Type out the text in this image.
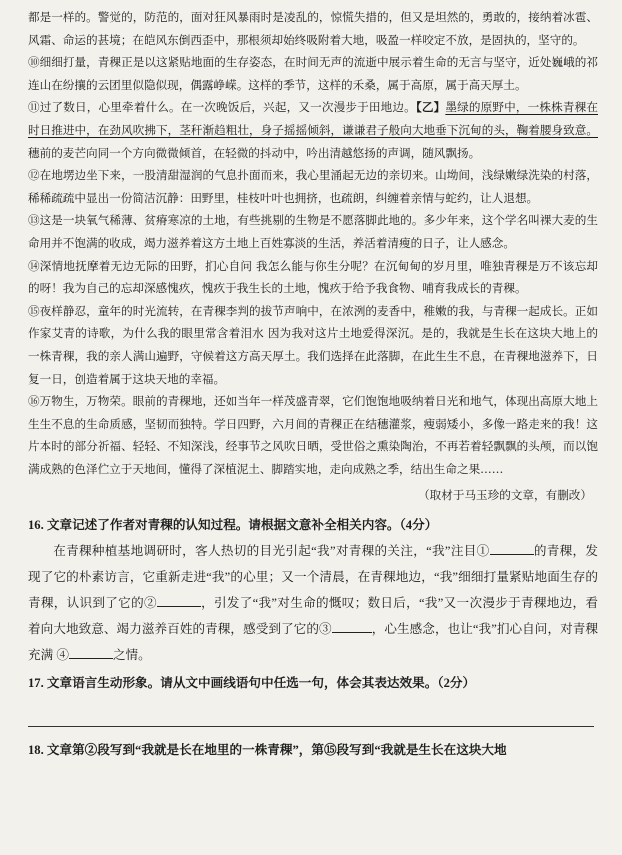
都是一样的。警觉的，防范的，面对狂风暴雨时是凌乱的，惊慌失措的，但又是坦然的，勇敢的，接纳着冰雹、风霜、命运的甚境；在皑风东倒西歪中，那根须却始终吸附着大地，吸盈一样咬定不放，是固执的，坚守的。

⑩细细打量，青稞正是以这紧贴地面的生存姿态，在时间无声的流逝中展示着生命的无言与坚守，近处巍峨的祁连山在纷攘的云团里似隐似现，偶露峥嵘。这样的季节，这样的禾桑，属于高原，属于高天厚土。

⑪过了数日，心里牵着什么。在一次晚饭后，兴起，又一次漫步于田地边。【乙】墨绿的原野中，一株株青稞在时日推进中，在劲风吹拂下，茎秆渐趋粗壮，身子摇摇倾斜，谦谦君子般向大地垂下沉甸的头，鞠着腰身致意。穗前的麦芒向同一个方向微微倾首，在轻微的抖动中，吟出清越悠扬的声调，随风飘扬。

⑫在地塄边坐下来，一股清甜湿润的气息扑面而来，我心里涌起无边的亲切来。山坳间，浅绿嫩绿洗染的村落，稀稀疏疏中显出一份简洁沉静：田野里，桂枝叶叶也拥挤，也疏朗，纠缠着亲情与蛇约，让人退想。

⑬这是一块氧气稀薄、贫瘠寒凉的土地，有些挑剔的生物是不愿落脚此地的。多少年来，这个学名叫裸大麦的生命用并不饱满的收成，竭力滋养着这方土地上百姓寡淡的生活，养活着清瘦的日子，让人感念。

⑭深情地抚摩着无边无际的田野，扪心自问 我怎么能与你生分呢？在沉甸甸的岁月里，唯独青稞是万不该忘却的呀！我为自己的忘却深感愧疚，愧疚于我生长的土地，愧疚于给予我食物、哺育我成长的青稞。

⑮夜样静忍，童年的时光流转，在青稞李判的拔节声响中，在浓洌的麦香中，稚嫩的我，与青稞一起成长。正如作家艾青的诗歌，为什么我的眼里常含着泪水 因为我对这片土地爱得深沉。是的，我就是生长在这块大地上的一株青稞，我的亲人满山遍野，守候着这方高天厚土。我们选择在此落脚，在此生生不息，在青稞地滋养下，日复一日，创造着属于这块天地的幸福。

⑯万物生，万物荣。眼前的青稞地，还如当年一样茂盛青翠，它们饱饱地吸纳着日光和地气，体现出高原大地上生生不息的生命质感，坚韧而独特。学日四野，六月间的青稞正在结穗灌浆，瘦弱矮小，多像一路走来的我！这片本时的部分祈福、轻轻、不知深浅，经事节之风吹日晒，受世俗之熏染陶治，不再若着轻飘飘的头颅，而以饱满成熟的色泽伫立于天地间，懂得了深植泥土、脚踏实地，走向成熟之季，结出生命之果……

（取材于马玉珍的文章，有删改）

16. 文章记述了作者对青稞的认知过程。请根据文意补全相关内容。（4分）

在青稞种植基地调研时，客人热切的目光引起“我”对青稞的关注，“我”注目①	的青稞，发现了它的朴素访言，它重新走进“我”的心里；又一个清晨，在青稞地边，“我”细细打量紧贴地面生存的青稞，认识到了它的②	，引发了“我”对生命的慨叹；数日后，“我”又一次漫步于青稞地边，看着向大地致意、竭力滋养百姓的青稞，感受到了它的③	，心生感念，也让“我”扪心自问，对青稞充满 ④	之情。

17. 文章语言生动形象。请从文中画线语句中任选一句，体会其表达效果。（2分）

18. 文章第②段写到“我就是长在地里的一株青稞”，第⑮段写到“我就是生长在这块大地
